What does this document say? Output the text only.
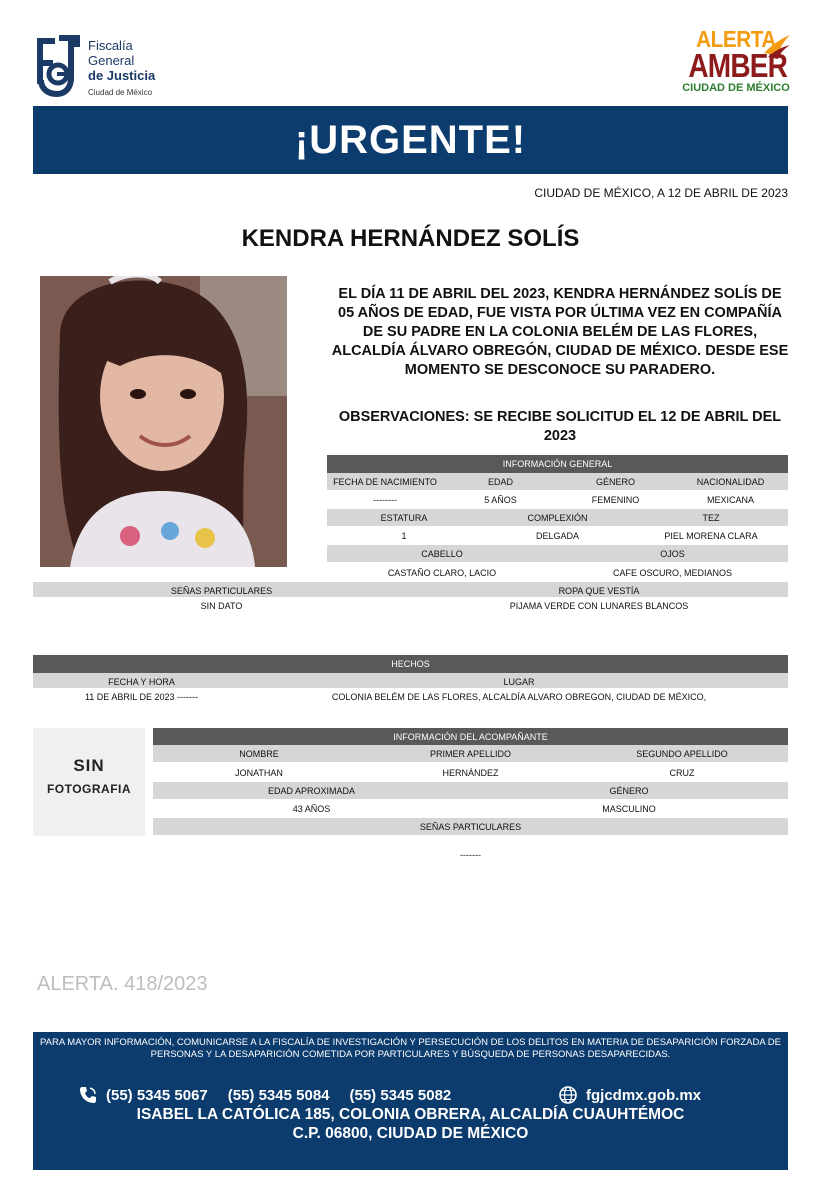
Fiscalía
General
de Justicia
Ciudad de México
ALERTA
AMBER
CIUDAD DE MÉXICO
¡URGENTE!
CIUDAD DE MÉXICO, A 12 DE ABRIL DE 2023
KENDRA HERNÁNDEZ SOLÍS
EL DÍA 11 DE ABRIL DEL 2023, KENDRA HERNÁNDEZ SOLÍS DE 05 AÑOS DE EDAD, FUE VISTA POR ÚLTIMA VEZ EN COMPAÑÍA DE SU PADRE EN LA COLONIA BELÉM DE LAS FLORES, ALCALDÍA ÁLVARO OBREGÓN, CIUDAD DE MÉXICO. DESDE ESE MOMENTO SE DESCONOCE SU PARADERO.
OBSERVACIONES: SE RECIBE SOLICITUD EL 12 DE ABRIL DEL 2023
INFORMACIÓN GENERAL
FECHA DE NACIMIENTO	EDAD	GÉNERO	NACIONALIDAD
--------	5 AÑOS	FEMENINO	MEXICANA
ESTATURA	COMPLEXIÓN	TEZ
1	DELGADA	PIEL MORENA CLARA
CABELLO	OJOS
CASTAÑO CLARO, LACIO	CAFE OSCURO, MEDIANOS
SEÑAS PARTICULARES	ROPA QUE VESTÍA
SIN DATO	PIJAMA VERDE CON LUNARES BLANCOS
HECHOS
FECHA Y HORA	LUGAR
11 DE ABRIL DE 2023 -------	COLONIA BELÉM DE LAS FLORES, ALCALDÍA ALVARO OBREGON, CIUDAD DE MÉXICO,
SIN
FOTOGRAFIA
INFORMACIÓN DEL ACOMPAÑANTE
NOMBRE	PRIMER APELLIDO	SEGUNDO APELLIDO
JONATHAN	HERNÁNDEZ	CRUZ
EDAD APROXIMADA	GÉNERO
43 AÑOS	MASCULINO
SEÑAS PARTICULARES
-------
ALERTA. 418/2023
PARA MAYOR INFORMACIÓN, COMUNICARSE A LA FISCALÍA DE INVESTIGACIÓN Y PERSECUCIÓN DE LOS DELITOS EN MATERIA DE DESAPARICIÓN FORZADA DE PERSONAS Y LA DESAPARICIÓN COMETIDA POR PARTICULARES Y BÚSQUEDA DE PERSONAS DESAPARECIDAS.
(55) 5345 5067 (55) 5345 5084 (55) 5345 5082	fgjcdmx.gob.mx
ISABEL LA CATÓLICA 185, COLONIA OBRERA, ALCALDÍA CUAUHTÉMOC
C.P. 06800, CIUDAD DE MÉXICO
